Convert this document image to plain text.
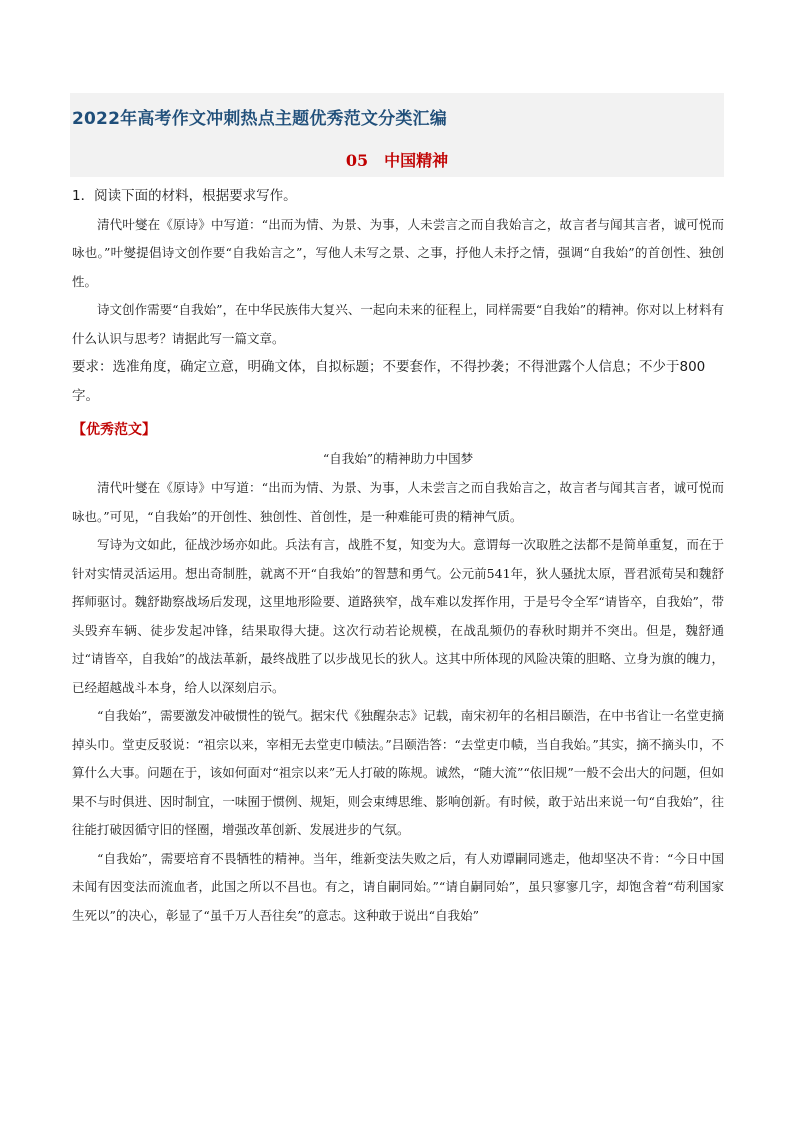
2022年高考作文冲刺热点主题优秀范文分类汇编
05　中国精神

1．阅读下面的材料，根据要求写作。

清代叶燮在《原诗》中写道：“出而为情、为景、为事，人未尝言之而自我始言之，故言者与闻其言者，诚可悦而咏也。”叶燮提倡诗文创作要“自我始言之”，写他人未写之景、之事，抒他人未抒之情，强调“自我始”的首创性、独创性。

诗文创作需要“自我始”，在中华民族伟大复兴、一起向未来的征程上，同样需要“自我始”的精神。你对以上材料有什么认识与思考？请据此写一篇文章。

要求：选准角度，确定立意，明确文体，自拟标题；不要套作，不得抄袭；不得泄露个人信息；不少于800字。

【优秀范文】

“自我始”的精神助力中国梦

清代叶燮在《原诗》中写道：“出而为情、为景、为事，人未尝言之而自我始言之，故言者与闻其言者，诚可悦而咏也。”可见，“自我始”的开创性、独创性、首创性，是一种难能可贵的精神气质。

写诗为文如此，征战沙场亦如此。兵法有言，战胜不复，知变为大。意谓每一次取胜之法都不是简单重复，而在于针对实情灵活运用。想出奇制胜，就离不开“自我始”的智慧和勇气。公元前541年，狄人骚扰太原，晋君派荀吴和魏舒挥师驱讨。魏舒勘察战场后发现，这里地形险要、道路狭窄，战车难以发挥作用，于是号令全军“请皆卒，自我始”，带头毁弃车辆、徒步发起冲锋，结果取得大捷。这次行动若论规模，在战乱频仍的春秋时期并不突出。但是，魏舒通过“请皆卒，自我始”的战法革新，最终战胜了以步战见长的狄人。这其中所体现的风险决策的胆略、立身为旗的魄力，已经超越战斗本身，给人以深刻启示。

“自我始”，需要激发冲破惯性的锐气。据宋代《独醒杂志》记载，南宋初年的名相吕颐浩，在中书省让一名堂吏摘掉头巾。堂吏反驳说：“祖宗以来，宰相无去堂吏巾帻法。”吕颐浩答：“去堂吏巾帻，当自我始。”其实，摘不摘头巾，不算什么大事。问题在于，该如何面对“祖宗以来”无人打破的陈规。诚然，“随大流”“依旧规”一般不会出大的问题，但如果不与时俱进、因时制宜，一味囿于惯例、规矩，则会束缚思维、影响创新。有时候，敢于站出来说一句“自我始”，往往能打破因循守旧的怪圈，增强改革创新、发展进步的气氛。

“自我始”，需要培育不畏牺牲的精神。当年，维新变法失败之后，有人劝谭嗣同逃走，他却坚决不肯：“今日中国未闻有因变法而流血者，此国之所以不昌也。有之，请自嗣同始。”“请自嗣同始”，虽只寥寥几字，却饱含着“苟利国家生死以”的决心，彰显了“虽千万人吾往矣”的意志。这种敢于说出“自我始”
